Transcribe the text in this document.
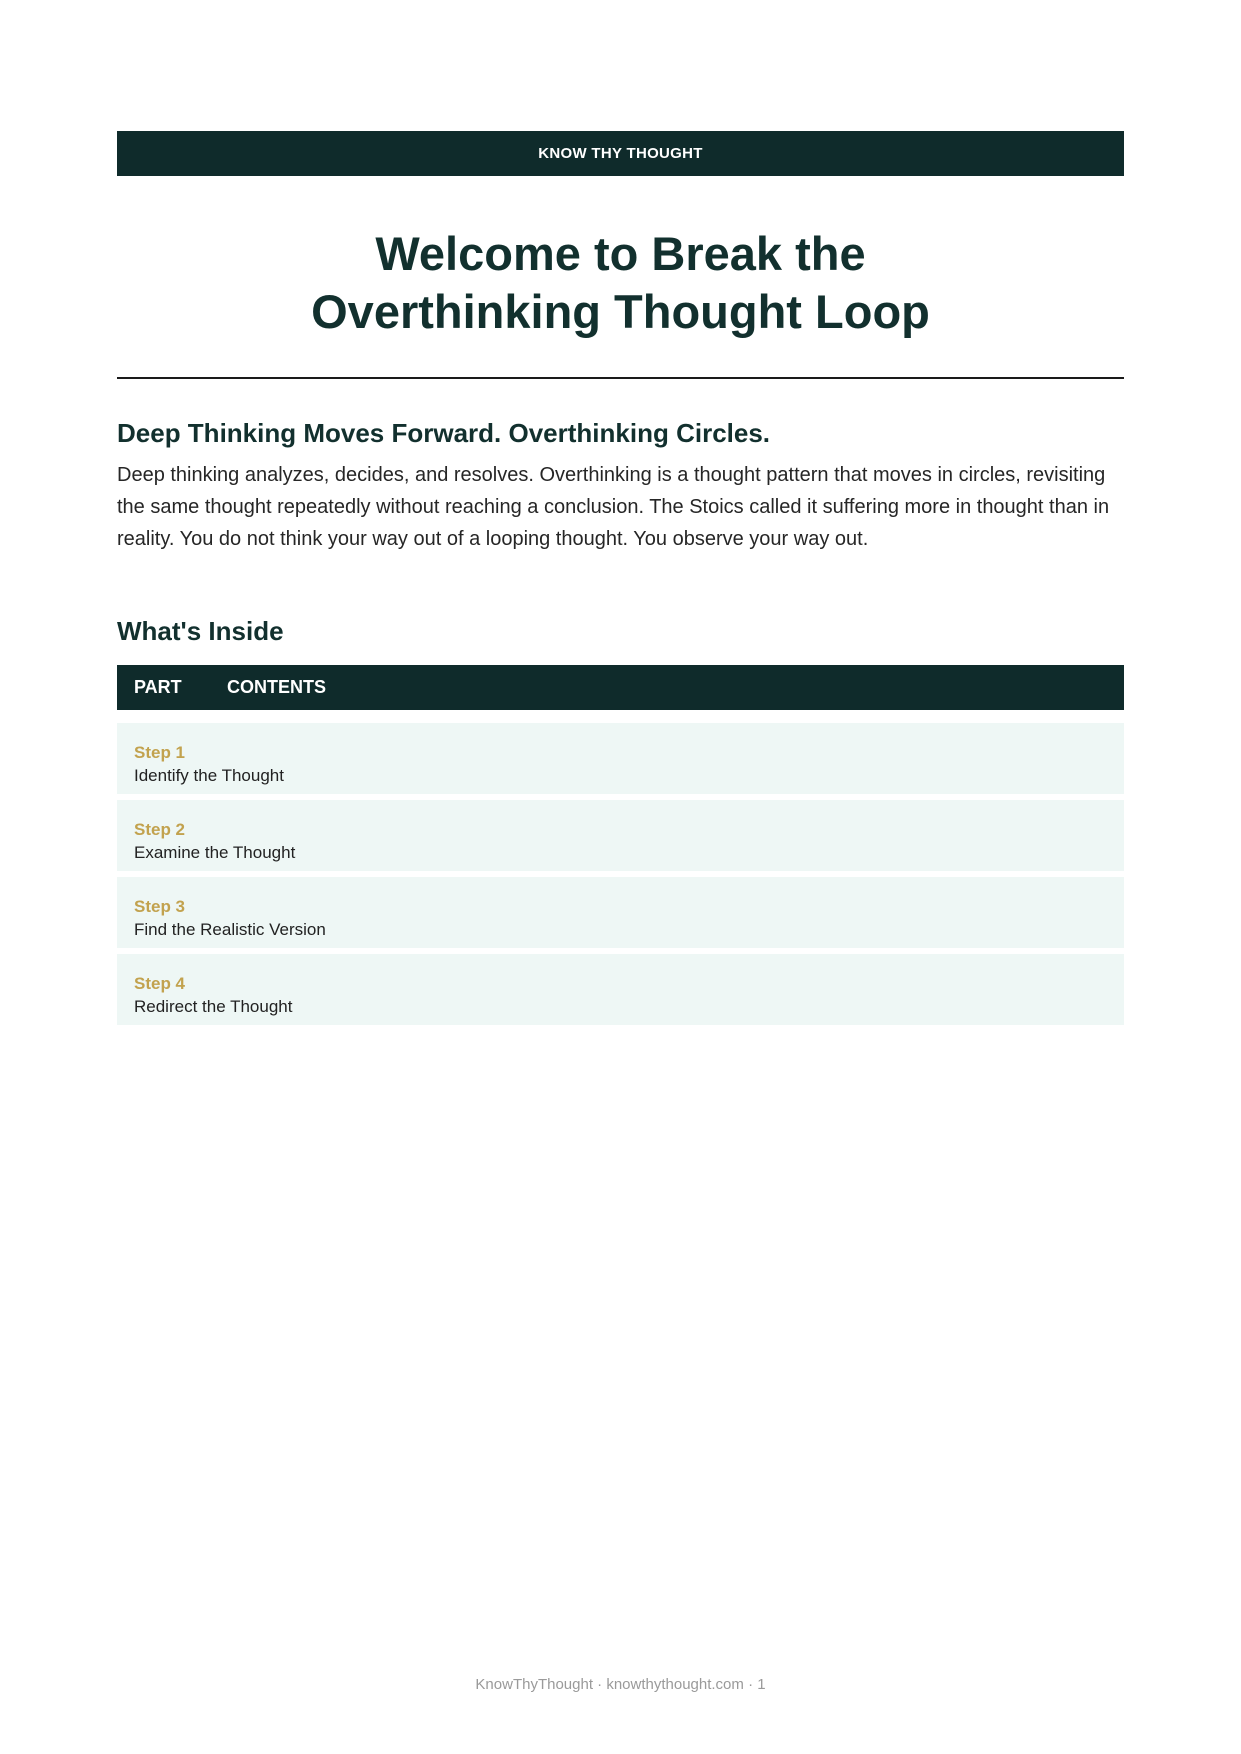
KNOW THY THOUGHT
Welcome to Break the
Overthinking Thought Loop
Deep Thinking Moves Forward. Overthinking Circles.

Deep thinking analyzes, decides, and resolves. Overthinking is a thought pattern that moves in circles, revisiting the same thought repeatedly without reaching a conclusion. The Stoics called it suffering more in thought than in reality. You do not think your way out of a looping thought. You observe your way out.

What's Inside
PART	CONTENTS
Step 1
Identify the Thought
Step 2
Examine the Thought
Step 3
Find the Realistic Version
Step 4
Redirect the Thought
KnowThyThought · knowthythought.com · 1
